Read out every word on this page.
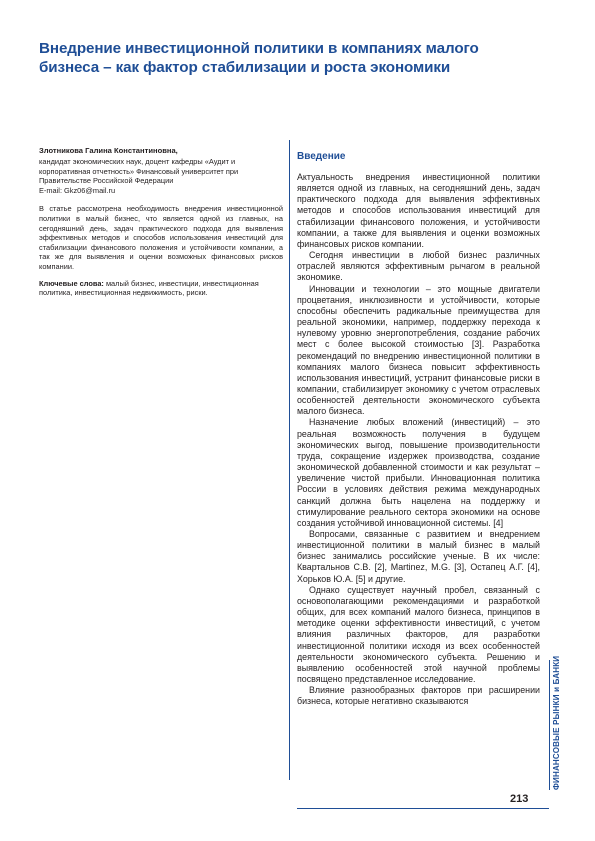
Внедрение инвестиционной политики в компаниях малого бизнеса – как фактор стабилизации и роста экономики

Злотникова Галина Константиновна,

кандидат экономических наук, доцент кафедры «Аудит и корпоративная отчетность» Финансовый университет при Правительстве Российской Федерации

E-mail: Gkz06@mail.ru

В статье рассмотрена необходимость внедрения инвестиционной политики в малый бизнес, что является одной из главных, на сегодняшний день, задач практического подхода для выявления эффективных методов и способов использования инвестиций для стабилизации финансового положения и устойчивости компании, а так же для выявления и оценки возможных финансовых рисков компании.

Ключевые слова: малый бизнес, инвестиции, инвестиционная политика, инвестиционная недвижимость, риски.

Введение

Актуальность внедрения инвестиционной политики является одной из главных, на сегодняшний день, задач практического подхода для выявления эффективных методов и способов использования инвестиций для стабилизации финансового положения, и устойчивости компании, а также для выявления и оценки возможных финансовых рисков компании.

Сегодня инвестиции в любой бизнес различных отраслей являются эффективным рычагом в реальной экономике.

Инновации и технологии – это мощные двигатели процветания, инклюзивности и устойчивости, которые способны обеспечить радикальные преимущества для реальной экономики, например, поддержку перехода к нулевому уровню энергопотребления, создание рабочих мест с более высокой стоимостью [3]. Разработка рекомендаций по внедрению инвестиционной политики в компаниях малого бизнеса повысит эффективность использования инвестиций, устранит финансовые риски в компании, стабилизирует экономику с учетом отраслевых особенностей деятельности экономического субъекта малого бизнеса.

Назначение любых вложений (инвестиций) – это реальная возможность получения в будущем экономических выгод, повышение производительности труда, сокращение издержек производства, создание экономической добавленной стоимости и как результат – увеличение чистой прибыли. Инновационная политика России в условиях действия режима международных санкций должна быть нацелена на поддержку и стимулирование реального сектора экономики на основе создания устойчивой инновационной системы. [4]

Вопросами, связанные с развитием и внедрением инвестиционной политики в малый бизнес в малый бизнес занимались российские ученые. В их числе: Квартальнов С.В. [2], Martinez, M.G. [3], Остапец А.Г. [4], Хорьков Ю.А. [5] и другие.

Однако существует научный пробел, связанный с основополагающими рекомендациями и разработкой общих, для всех компаний малого бизнеса, принципов в методике оценки эффективности инвестиций, с учетом влияния различных факторов, для разработки инвестиционной политики исходя из всех особенностей деятельности экономического субъекта. Решению и выявлению особенностей этой научной проблемы посвящено представленное исследование.

Влияние разнообразных факторов при расширении бизнеса, которые негативно сказываются	ФИНАНСОВЫЕ РЫНКИ и БАНКИ
213
